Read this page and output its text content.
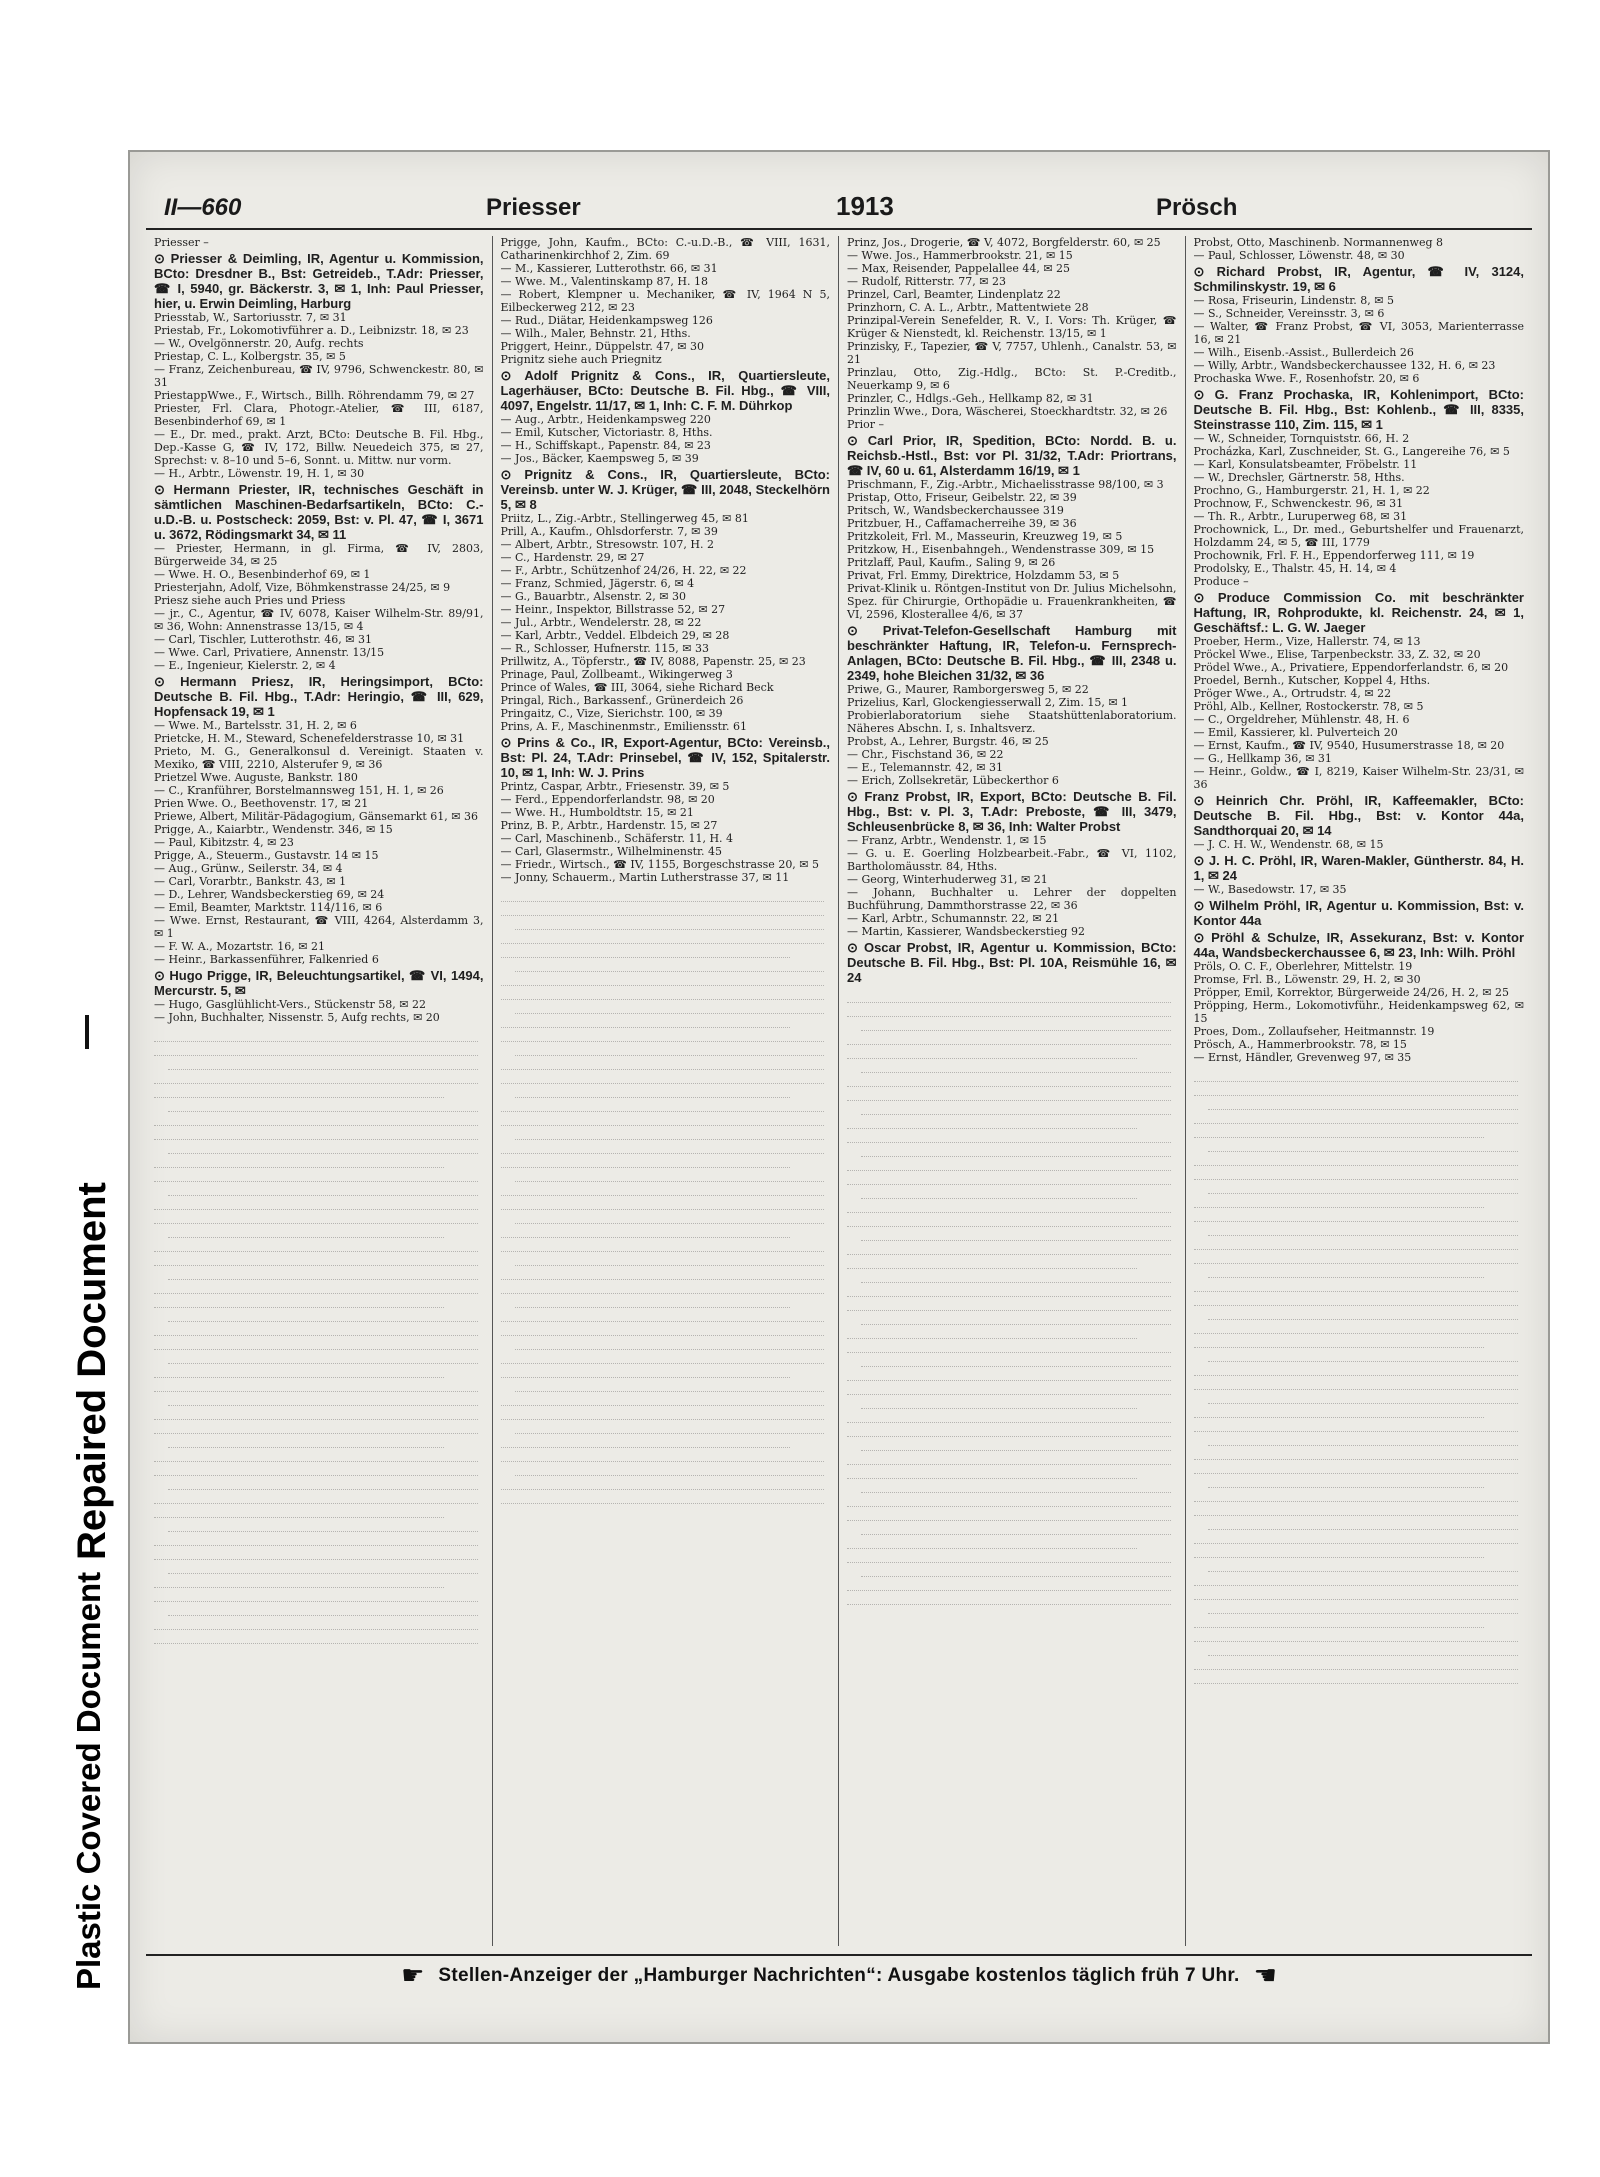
Plastic Covered Document
Repaired Document
II—660	Priesser	1913	Prösch

Priesser –

⊙ Priesser & Deimling, IR, Agentur u. Kommission, BCto: Dresdner B., Bst: Getreideb., T.Adr: Priesser, ☎ I, 5940, gr. Bäckerstr. 3, ✉ 1, Inh: Paul Priesser, hier, u. Erwin Deimling, Harburg

Priesstab, W., Sartoriusstr. 7, ✉ 31

Priestab, Fr., Lokomotivführer a. D., Leibnizstr. 18, ✉ 23

— W., Ovelgönnerstr. 20, Aufg. rechts

Priestap, C. L., Kolbergstr. 35, ✉ 5

— Franz, Zeichenbureau, ☎ IV, 9796, Schwenckestr. 80, ✉ 31

PriestappWwe., F., Wirtsch., Billh. Röhrendamm 79, ✉ 27

Priester, Frl. Clara, Photogr.-Atelier, ☎ III, 6187, Besenbinderhof 69, ✉ 1

— E., Dr. med., prakt. Arzt, BCto: Deutsche B. Fil. Hbg., Dep.-Kasse G, ☎ IV, 172, Billw. Neuedeich 375, ✉ 27, Sprechst: v. 8–10 und 5–6, Sonnt. u. Mittw. nur vorm.

— H., Arbtr., Löwenstr. 19, H. 1, ✉ 30

⊙ Hermann Priester, IR, technisches Geschäft in sämtlichen Maschinen-Bedarfsartikeln, BCto: C.-u.D.-B. u. Postscheck: 2059, Bst: v. Pl. 47, ☎ I, 3671 u. 3672, Rödingsmarkt 34, ✉ 11

— Priester, Hermann, in gl. Firma, ☎ IV, 2803, Bürgerweide 34, ✉ 25

— Wwe. H. O., Besenbinderhof 69, ✉ 1

Priesterjahn, Adolf, Vize, Böhmkenstrasse 24/25, ✉ 9

Priesz siehe auch Pries und Priess

— jr., C., Agentur, ☎ IV, 6078, Kaiser Wilhelm-Str. 89/91, ✉ 36, Wohn: Annenstrasse 13/15, ✉ 4

— Carl, Tischler, Lutterothstr. 46, ✉ 31

— Wwe. Carl, Privatiere, Annenstr. 13/15

— E., Ingenieur, Kielerstr. 2, ✉ 4

⊙ Hermann Priesz, IR, Heringsimport, BCto: Deutsche B. Fil. Hbg., T.Adr: Heringio, ☎ III, 629, Hopfensack 19, ✉ 1

— Wwe. M., Bartelsstr. 31, H. 2, ✉ 6

Prietcke, H. M., Steward, Schenefelderstrasse 10, ✉ 31

Prieto, M. G., Generalkonsul d. Vereinigt. Staaten v. Mexiko, ☎ VIII, 2210, Alsterufer 9, ✉ 36

Prietzel Wwe. Auguste, Bankstr. 180

— C., Kranführer, Borstelmannsweg 151, H. 1, ✉ 26

Prien Wwe. O., Beethovenstr. 17, ✉ 21

Priewe, Albert, Militär-Pädagogium, Gänsemarkt 61, ✉ 36

Prigge, A., Kaiarbtr., Wendenstr. 346, ✉ 15

— Paul, Kibitzstr. 4, ✉ 23

Prigge, A., Steuerm., Gustavstr. 14 ✉ 15

— Aug., Grünw., Seilerstr. 34, ✉ 4

— Carl, Vorarbtr., Bankstr. 43, ✉ 1

— D., Lehrer, Wandsbeckerstieg 69, ✉ 24

— Emil, Beamter, Marktstr. 114/116, ✉ 6

— Wwe. Ernst, Restaurant, ☎ VIII, 4264, Alsterdamm 3, ✉ 1

— F. W. A., Mozartstr. 16, ✉ 21

— Heinr., Barkassenführer, Falkenried 6

⊙ Hugo Prigge, IR, Beleuchtungsartikel, ☎ VI, 1494, Mercurstr. 5, ✉

— Hugo, Gasglühlicht-Vers., Stückenstr 58, ✉ 22

— John, Buchhalter, Nissenstr. 5, Aufg rechts, ✉ 20

Prigge, John, Kaufm., BCto: C.-u.D.-B., ☎ VIII, 1631, Catharinenkirchhof 2, Zim. 69

— M., Kassierer, Lutterothstr. 66, ✉ 31

— Wwe. M., Valentinskamp 87, H. 18

— Robert, Klempner u. Mechaniker, ☎ IV, 1964 N 5, Eilbeckerweg 212, ✉ 23

— Rud., Diätar, Heidenkampsweg 126

— Wilh., Maler, Behnstr. 21, Hths.

Priggert, Heinr., Düppelstr. 47, ✉ 30

Prignitz siehe auch Priegnitz

⊙ Adolf Prignitz & Cons., IR, Quartiersleute, Lagerhäuser, BCto: Deutsche B. Fil. Hbg., ☎ VIII, 4097, Engelstr. 11/17, ✉ 1, Inh: C. F. M. Dührkop

— Aug., Arbtr., Heidenkampsweg 220

— Emil, Kutscher, Victoriastr. 8, Hths.

— H., Schiffskapt., Papenstr. 84, ✉ 23

— Jos., Bäcker, Kaempsweg 5, ✉ 39

⊙ Prignitz & Cons., IR, Quartiersleute, BCto: Vereinsb. unter W. J. Krüger, ☎ III, 2048, Steckelhörn 5, ✉ 8

Priitz, L., Zig.-Arbtr., Stellingerweg 45, ✉ 81

Prill, A., Kaufm., Ohlsdorferstr. 7, ✉ 39

— Albert, Arbtr., Stresowstr. 107, H. 2

— C., Hardenstr. 29, ✉ 27

— F., Arbtr., Schützenhof 24/26, H. 22, ✉ 22

— Franz, Schmied, Jägerstr. 6, ✉ 4

— G., Bauarbtr., Alsenstr. 2, ✉ 30

— Heinr., Inspektor, Billstrasse 52, ✉ 27

— Jul., Arbtr., Wendelerstr. 28, ✉ 22

— Karl, Arbtr., Veddel. Elbdeich 29, ✉ 28

— R., Schlosser, Hufnerstr. 115, ✉ 33

Prillwitz, A., Töpferstr., ☎ IV, 8088, Papenstr. 25, ✉ 23

Prinage, Paul, Zollbeamt., Wikingerweg 3

Prince of Wales, ☎ III, 3064, siehe Richard Beck

Pringal, Rich., Barkassenf., Grünerdeich 26

Pringaitz, C., Vize, Sierichstr. 100, ✉ 39

Prins, A. F., Maschinenmstr., Emiliensstr. 61

⊙ Prins & Co., IR, Export-Agentur, BCto: Vereinsb., Bst: Pl. 24, T.Adr: Prinsebel, ☎ IV, 152, Spitalerstr. 10, ✉ 1, Inh: W. J. Prins

Printz, Caspar, Arbtr., Friesenstr. 39, ✉ 5

— Ferd., Eppendorferlandstr. 98, ✉ 20

— Wwe. H., Humboldtstr. 15, ✉ 21

Prinz, B. P., Arbtr., Hardenstr. 15, ✉ 27

— Carl, Maschinenb., Schäferstr. 11, H. 4

— Carl, Glasermstr., Wilhelminenstr. 45

— Friedr., Wirtsch., ☎ IV, 1155, Borgeschstrasse 20, ✉ 5

— Jonny, Schauerm., Martin Lutherstrasse 37, ✉ 11

Prinz, Jos., Drogerie, ☎ V, 4072, Borgfelderstr. 60, ✉ 25

— Wwe. Jos., Hammerbrookstr. 21, ✉ 15

— Max, Reisender, Pappelallee 44, ✉ 25

— Rudolf, Ritterstr. 77, ✉ 23

Prinzel, Carl, Beamter, Lindenplatz 22

Prinzhorn, C. A. L., Arbtr., Mattentwiete 28

Prinzipal-Verein Senefelder, R. V., I. Vors: Th. Krüger, ☎ Krüger & Nienstedt, kl. Reichenstr. 13/15, ✉ 1

Prinzisky, F., Tapezier, ☎ V, 7757, Uhlenh., Canalstr. 53, ✉ 21

Prinzlau, Otto, Zig.-Hdlg., BCto: St. P.-Creditb., Neuerkamp 9, ✉ 6

Prinzler, C., Hdlgs.-Geh., Hellkamp 82, ✉ 31

Prinzlin Wwe., Dora, Wäscherei, Stoeckhardtstr. 32, ✉ 26

Prior –

⊙ Carl Prior, IR, Spedition, BCto: Nordd. B. u. Reichsb.-Hstl., Bst: vor Pl. 31/32, T.Adr: Priortrans, ☎ IV, 60 u. 61, Alsterdamm 16/19, ✉ 1

Prischmann, F., Zig.-Arbtr., Michaelisstrasse 98/100, ✉ 3

Pristap, Otto, Friseur, Geibelstr. 22, ✉ 39

Pritsch, W., Wandsbeckerchaussee 319

Pritzbuer, H., Caffamacherreihe 39, ✉ 36

Pritzkoleit, Frl. M., Masseurin, Kreuzweg 19, ✉ 5

Pritzkow, H., Eisenbahngeh., Wendenstrasse 309, ✉ 15

Pritzlaff, Paul, Kaufm., Saling 9, ✉ 26

Privat, Frl. Emmy, Direktrice, Holzdamm 53, ✉ 5

Privat-Klinik u. Röntgen-Institut von Dr. Julius Michelsohn, Spez. für Chirurgie, Orthopädie u. Frauenkrankheiten, ☎ VI, 2596, Klosterallee 4/6, ✉ 37

⊙ Privat-Telefon-Gesellschaft Hamburg mit beschränkter Haftung, IR, Telefon-u. Fernsprech-Anlagen, BCto: Deutsche B. Fil. Hbg., ☎ III, 2348 u. 2349, hohe Bleichen 31/32, ✉ 36

Priwe, G., Maurer, Ramborgersweg 5, ✉ 22

Prizelius, Karl, Glockengiesserwall 2, Zim. 15, ✉ 1

Probierlaboratorium siehe Staatshüttenlaboratorium. Näheres Abschn. I, s. Inhaltsverz.

Probst, A., Lehrer, Burgstr. 46, ✉ 25

— Chr., Fischstand 36, ✉ 22

— E., Telemannstr. 42, ✉ 31

— Erich, Zollsekretär, Lübeckerthor 6

⊙ Franz Probst, IR, Export, BCto: Deutsche B. Fil. Hbg., Bst: v. Pl. 3, T.Adr: Preboste, ☎ III, 3479, Schleusenbrücke 8, ✉ 36, Inh: Walter Probst

— Franz, Arbtr., Wendenstr. 1, ✉ 15

— G. u. E. Goerling Holzbearbeit.-Fabr., ☎ VI, 1102, Bartholomäusstr. 84, Hths.

— Georg, Winterhuderweg 31, ✉ 21

— Johann, Buchhalter u. Lehrer der doppelten Buchführung, Dammthorstrasse 22, ✉ 36

— Karl, Arbtr., Schumannstr. 22, ✉ 21

— Martin, Kassierer, Wandsbeckerstieg 92

⊙ Oscar Probst, IR, Agentur u. Kommission, BCto: Deutsche B. Fil. Hbg., Bst: Pl. 10A, Reismühle 16, ✉ 24

Probst, Otto, Maschinenb. Normannenweg 8

— Paul, Schlosser, Löwenstr. 48, ✉ 30

⊙ Richard Probst, IR, Agentur, ☎ IV, 3124, Schmilinskystr. 19, ✉ 6

— Rosa, Friseurin, Lindenstr. 8, ✉ 5

— S., Schneider, Vereinsstr. 3, ✉ 6

— Walter, ☎ Franz Probst, ☎ VI, 3053, Marienterrasse 16, ✉ 21

— Wilh., Eisenb.-Assist., Bullerdeich 26

— Willy, Arbtr., Wandsbeckerchaussee 132, H. 6, ✉ 23

Prochaska Wwe. F., Rosenhofstr. 20, ✉ 6

⊙ G. Franz Prochaska, IR, Kohlenimport, BCto: Deutsche B. Fil. Hbg., Bst: Kohlenb., ☎ III, 8335, Steinstrasse 110, Zim. 115, ✉ 1

— W., Schneider, Tornquiststr. 66, H. 2

Procházka, Karl, Zuschneider, St. G., Langereihe 76, ✉ 5

— Karl, Konsulatsbeamter, Fröbelstr. 11

— W., Drechsler, Gärtnerstr. 58, Hths.

Prochno, G., Hamburgerstr. 21, H. 1, ✉ 22

Prochnow, F., Schwenckestr. 96, ✉ 31

— Th. R., Arbtr., Luruperweg 68, ✉ 31

Prochownick, L., Dr. med., Geburtshelfer und Frauenarzt, Holzdamm 24, ✉ 5, ☎ III, 1779

Prochownik, Frl. F. H., Eppendorferweg 111, ✉ 19

Prodolsky, E., Thalstr. 45, H. 14, ✉ 4

Produce –

⊙ Produce Commission Co. mit beschränkter Haftung, IR, Rohprodukte, kl. Reichenstr. 24, ✉ 1, Geschäftsf.: L. G. W. Jaeger

Proeber, Herm., Vize, Hallerstr. 74, ✉ 13

Pröckel Wwe., Elise, Tarpenbeckstr. 33, Z. 32, ✉ 20

Prödel Wwe., A., Privatiere, Eppendorferlandstr. 6, ✉ 20

Proedel, Bernh., Kutscher, Koppel 4, Hths.

Pröger Wwe., A., Ortrudstr. 4, ✉ 22

Pröhl, Alb., Kellner, Rostockerstr. 78, ✉ 5

— C., Orgeldreher, Mühlenstr. 48, H. 6

— Emil, Kassierer, kl. Pulverteich 20

— Ernst, Kaufm., ☎ IV, 9540, Husumerstrasse 18, ✉ 20

— G., Hellkamp 36, ✉ 31

— Heinr., Goldw., ☎ I, 8219, Kaiser Wilhelm-Str. 23/31, ✉ 36

⊙ Heinrich Chr. Pröhl, IR, Kaffeemakler, BCto: Deutsche B. Fil. Hbg., Bst: v. Kontor 44a, Sandthorquai 20, ✉ 14

— J. C. H. W., Wendenstr. 68, ✉ 15

⊙ J. H. C. Pröhl, IR, Waren-Makler, Güntherstr. 84, H. 1, ✉ 24

— W., Basedowstr. 17, ✉ 35

⊙ Wilhelm Pröhl, IR, Agentur u. Kommission, Bst: v. Kontor 44a

⊙ Pröhl & Schulze, IR, Assekuranz, Bst: v. Kontor 44a, Wandsbeckerchaussee 6, ✉ 23, Inh: Wilh. Pröhl

Pröls, O. C. F., Oberlehrer, Mittelstr. 19

Promse, Frl. B., Löwenstr. 29, H. 2, ✉ 30

Pröpper, Emil, Korrektor, Bürgerweide 24/26, H. 2, ✉ 25

Pröpping, Herm., Lokomotivführ., Heidenkampsweg 62, ✉ 15

Proes, Dom., Zollaufseher, Heitmannstr. 19

Prösch, A., Hammerbrookstr. 78, ✉ 15

— Ernst, Händler, Grevenweg 97, ✉ 35

☛ Stellen-Anzeiger der „Hamburger Nachrichten“: Ausgabe kostenlos täglich früh 7 Uhr. ☚
